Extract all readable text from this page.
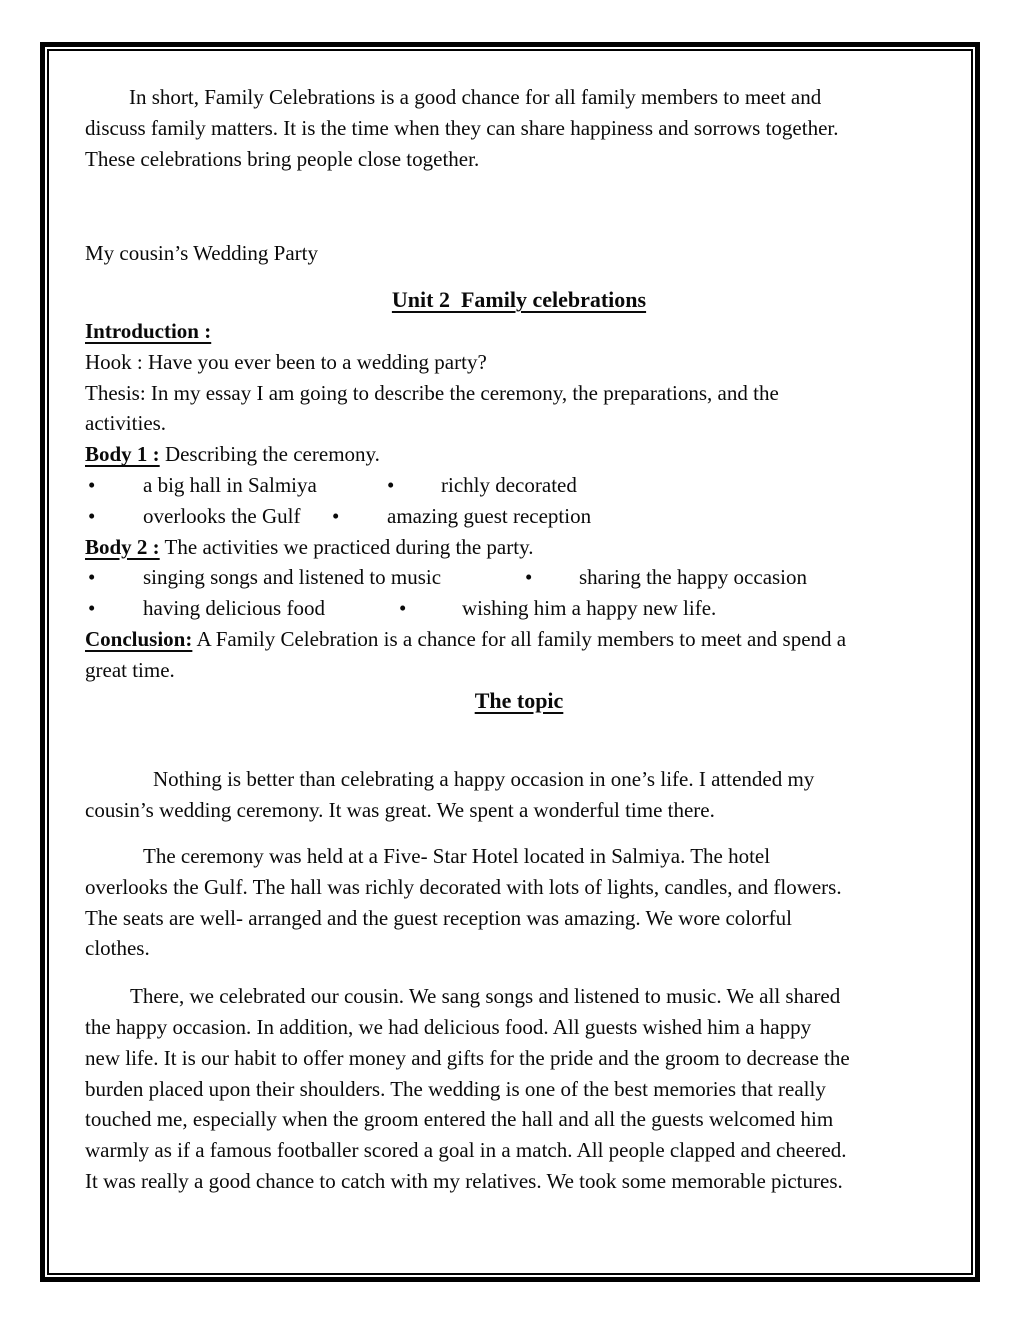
In short, Family Celebrations is a good chance for all family members to meet and
discuss family matters. It is the time when they can share happiness and sorrows together.
These celebrations bring people close together.
My cousin’s Wedding Party
Unit 2  Family celebrations
Introduction :
Hook : Have you ever been to a wedding party?
Thesis: In my essay I am going to describe the ceremony, the preparations, and the
activities.
Body 1 : Describing the ceremony.
• a big hall in Salmiya	• richly decorated
• overlooks the Gulf • amazing guest reception
Body 2 : The activities we practiced during the party.
• singing songs and listened to music	• sharing the happy occasion
• having delicious food	•	wishing him a happy new life.
Conclusion: A Family Celebration is a chance for all family members to meet and spend a
great time.
The topic
Nothing is better than celebrating a happy occasion in one’s life. I attended my
cousin’s wedding ceremony. It was great. We spent a wonderful time there.
The ceremony was held at a Five- Star Hotel located in Salmiya. The hotel
overlooks the Gulf. The hall was richly decorated with lots of lights, candles, and flowers.
The seats are well- arranged and the guest reception was amazing. We wore colorful
clothes.
There, we celebrated our cousin. We sang songs and listened to music. We all shared
the happy occasion. In addition, we had delicious food. All guests wished him a happy
new life. It is our habit to offer money and gifts for the pride and the groom to decrease the
burden placed upon their shoulders. The wedding is one of the best memories that really
touched me, especially when the groom entered the hall and all the guests welcomed him
warmly as if a famous footballer scored a goal in a match. All people clapped and cheered.
It was really a good chance to catch with my relatives. We took some memorable pictures.
